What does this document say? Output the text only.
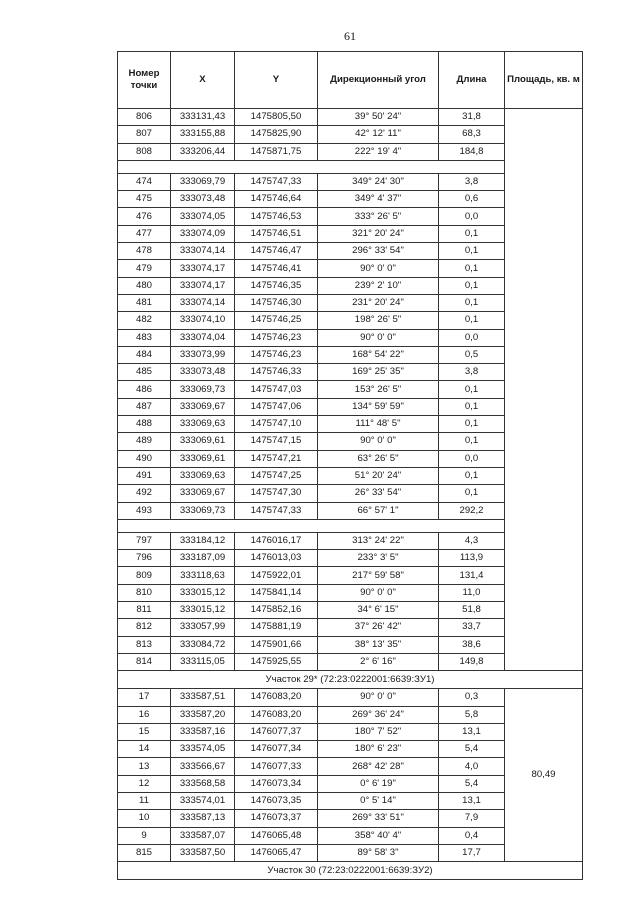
61
Номер точки	X	Y	Дирекционный угол	Длина	Площадь, кв. м
806	333131,43	1475805,50	39° 50' 24"	31,8	
807	333155,88	1475825,90	42° 12' 11"	68,3	
808	333206,44	1475871,75	222° 19' 4"	184,8	

474	333069,79	1475747,33	349° 24' 30"	3,8	
475	333073,48	1475746,64	349° 4' 37"	0,6	
476	333074,05	1475746,53	333° 26' 5"	0,0	
477	333074,09	1475746,51	321° 20' 24"	0,1	
478	333074,14	1475746,47	296° 33' 54"	0,1	
479	333074,17	1475746,41	90° 0' 0"	0,1	
480	333074,17	1475746,35	239° 2' 10"	0,1	
481	333074,14	1475746,30	231° 20' 24"	0,1	
482	333074,10	1475746,25	198° 26' 5"	0,1	
483	333074,04	1475746,23	90° 0' 0"	0,0	
484	333073,99	1475746,23	168° 54' 22"	0,5	
485	333073,48	1475746,33	169° 25' 35"	3,8	
486	333069,73	1475747,03	153° 26' 5"	0,1	
487	333069,67	1475747,06	134° 59' 59"	0,1	
488	333069,63	1475747,10	111° 48' 5"	0,1	
489	333069,61	1475747,15	90° 0' 0"	0,1	
490	333069,61	1475747,21	63° 26' 5"	0,0	
491	333069,63	1475747,25	51° 20' 24"	0,1	
492	333069,67	1475747,30	26° 33' 54"	0,1	
493	333069,73	1475747,33	66° 57' 1"	292,2	

797	333184,12	1476016,17	313° 24' 22"	4,3	
796	333187,09	1476013,03	233° 3' 5"	113,9	
809	333118,63	1475922,01	217° 59' 58"	131,4	
810	333015,12	1475841,14	90° 0' 0"	11,0	
811	333015,12	1475852,16	34° 6' 15"	51,8	
812	333057,99	1475881,19	37° 26' 42"	33,7	
813	333084,72	1475901,66	38° 13' 35"	38,6	
814	333115,05	1475925,55	2° 6' 16"	149,8	
Участок 29* (72:23:0222001:6639:ЗУ1)					
17	333587,51	1476083,20	90° 0' 0"	0,3	80,49
16	333587,20	1476083,20	269° 36' 24"	5,8	
15	333587,16	1476077,37	180° 7' 52"	13,1	
14	333574,05	1476077,34	180° 6' 23"	5,4	
13	333566,67	1476077,33	268° 42' 28"	4,0	
12	333568,58	1476073,34	0° 6' 19"	5,4	
11	333574,01	1476073,35	0° 5' 14"	13,1	
10	333587,13	1476073,37	269° 33' 51"	7,9	
9	333587,07	1476065,48	358° 40' 4"	0,4	
815	333587,50	1476065,47	89° 58' 3"	17,7	
Участок 30 (72:23:0222001:6639:ЗУ2)					
